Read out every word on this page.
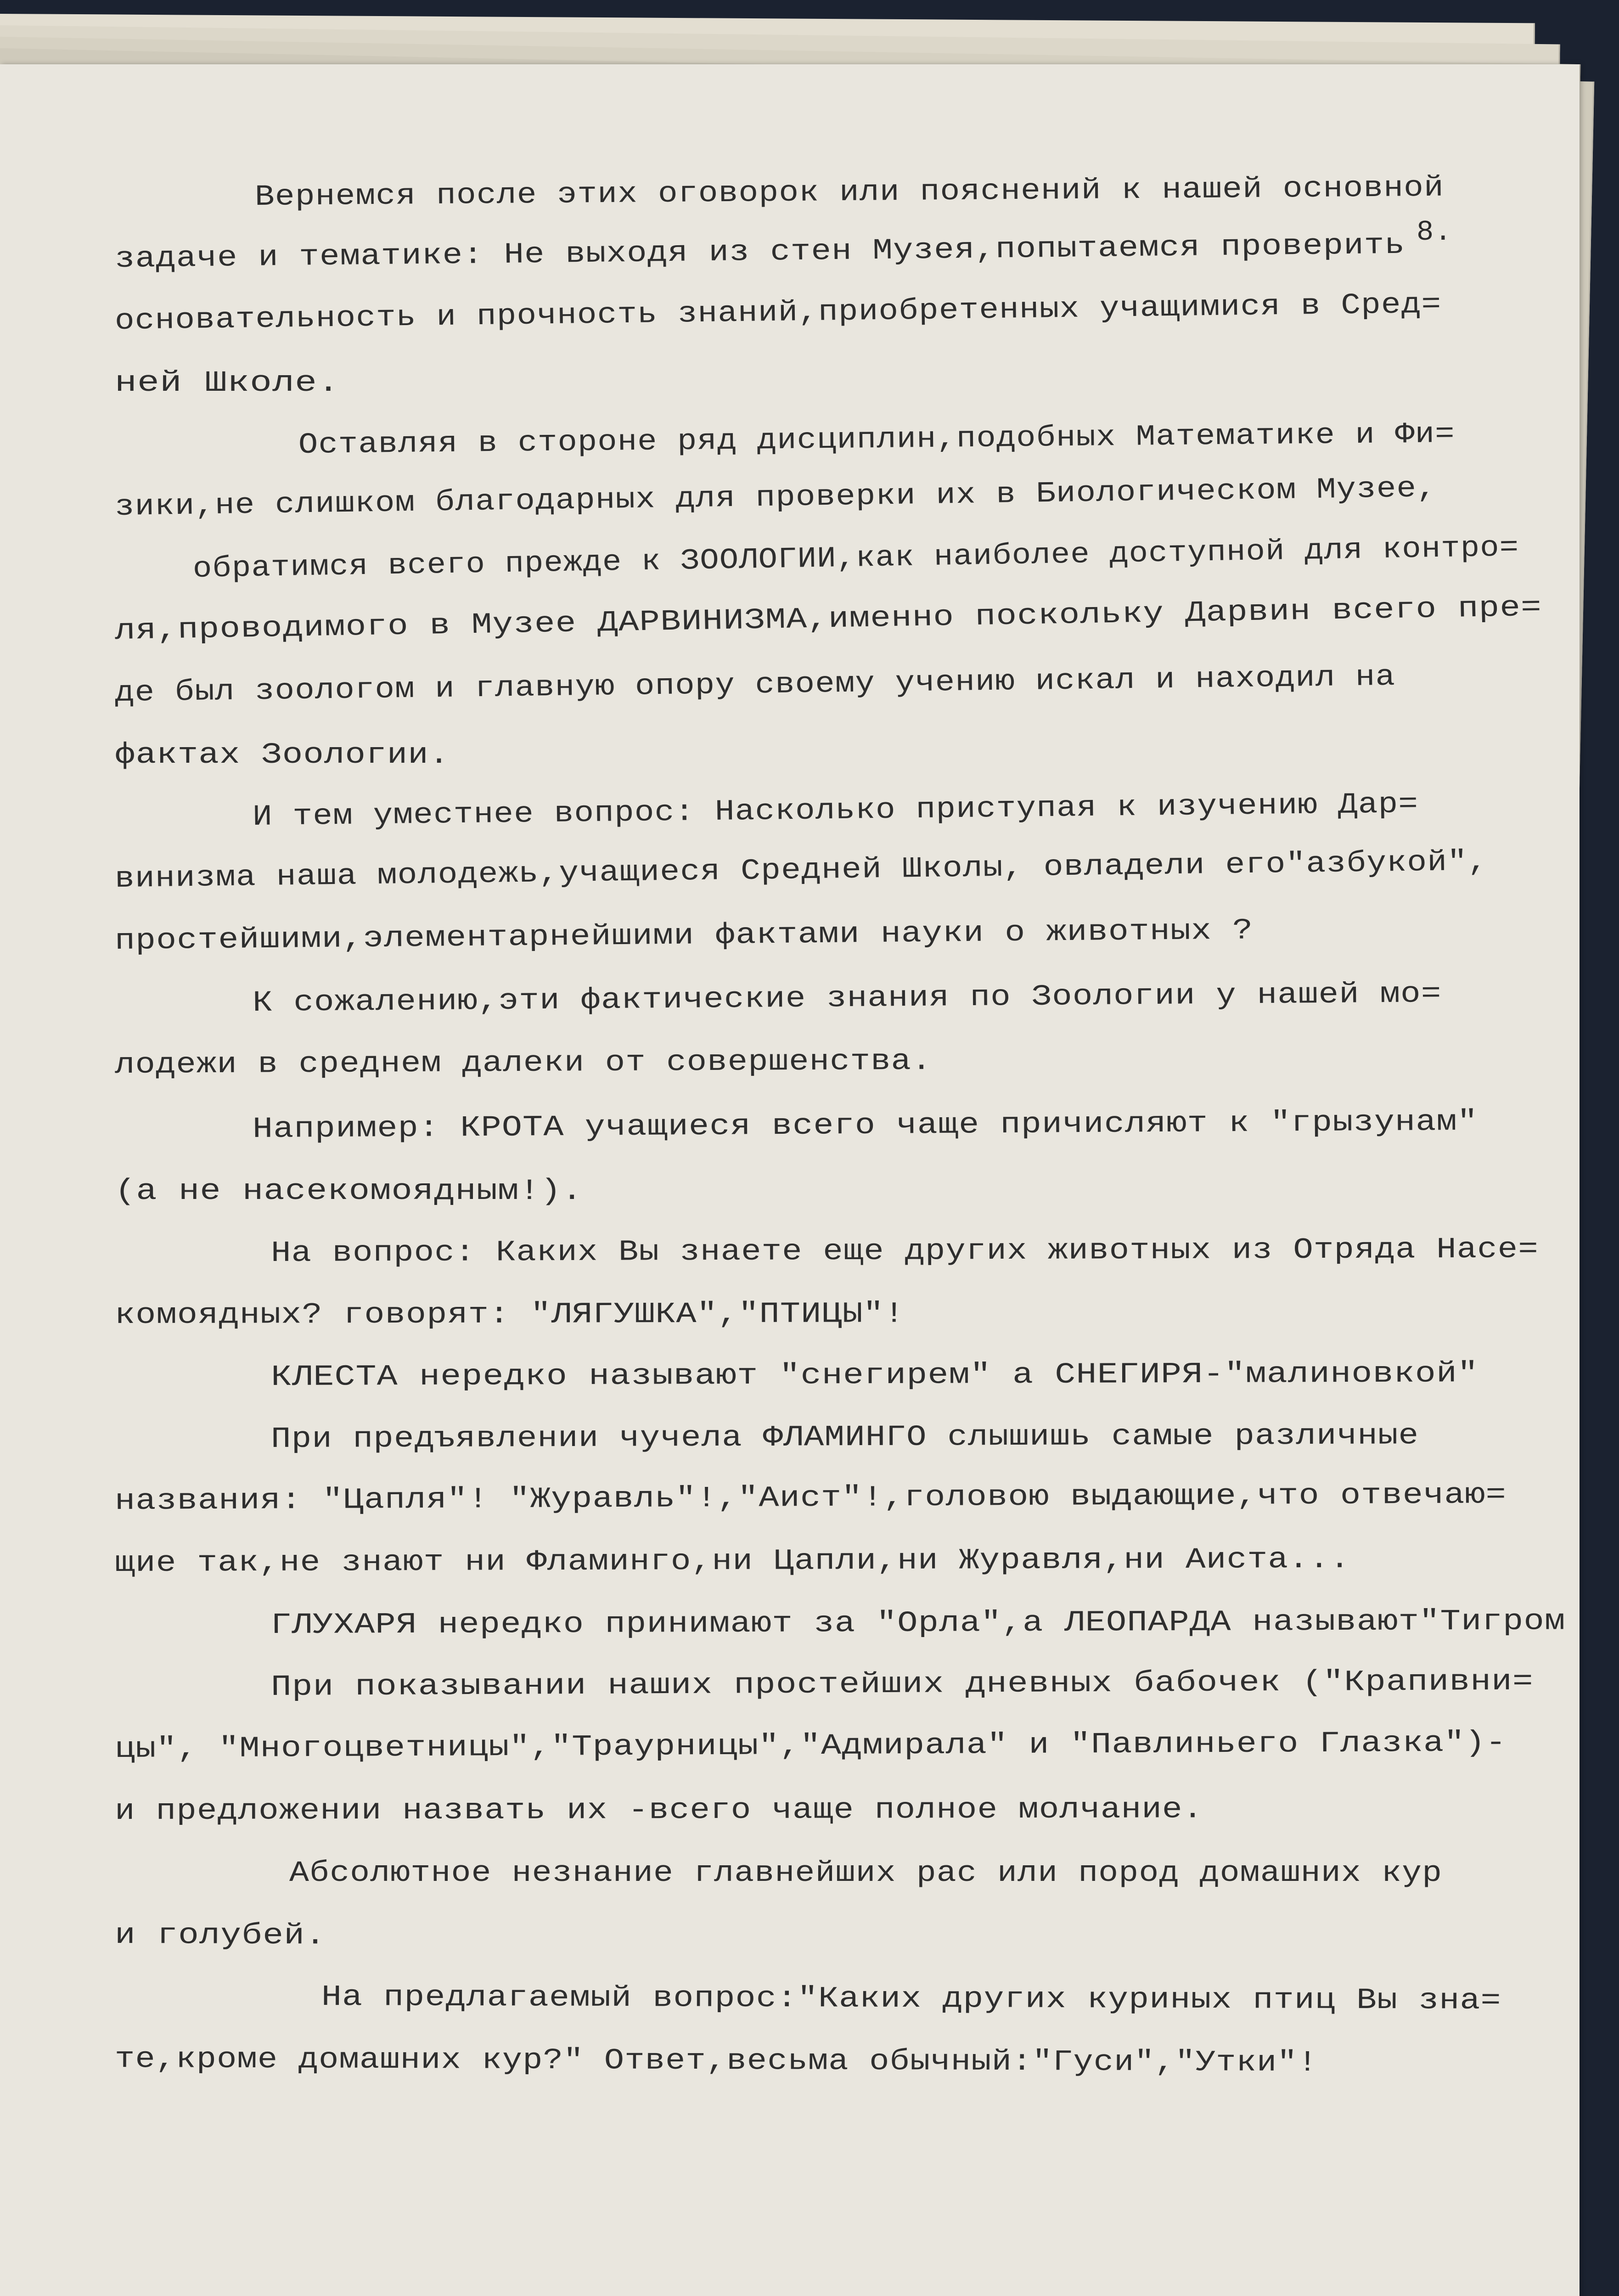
8.
Вернемся после этих оговорок или пояснений к нашей основной
задаче и тематике: Не выходя из стен Музея,попытаемся проверить
основательность и прочность знаний,приобретенных учащимися в Сред=
ней Школе.
Оставляя в стороне ряд дисциплин,подобных Математике и Фи=
зики,не слишком благодарных для проверки их в Биологическом Музее,
обратимся всего прежде к ЗООЛОГИИ,как наиболее доступной для контро=
ля,проводимого в Музее ДАРВИНИЗМА,именно поскольку Дарвин всего пре=
де был зоологом и главную опору своему учению искал и находил на
фактах Зоологии.
И тем уместнее вопрос: Насколько приступая к изучению Дар=
винизма наша молодежь,учащиеся Средней Школы, овладели его"азбукой",
простейшими,элементарнейшими фактами науки о животных ?
К сожалению,эти фактические знания по Зоологии у нашей мо=
лодежи в среднем далеки от совершенства.
Например: КРОТА учащиеся всего чаще причисляют к "грызунам"
(а не насекомоядным!).
На вопрос: Каких Вы знаете еще других животных из Отряда Насе=
комоядных? говорят: "ЛЯГУШКА","ПТИЦЫ"!
КЛЕСТА нередко называют "снегирем" а СНЕГИРЯ-"малиновкой"
При предъявлении чучела ФЛАМИНГО слышишь самые различные
названия: "Цапля"! "Журавль"!,"Аист"!,головою выдающие,что отвечаю=
щие так,не знают ни Фламинго,ни Цапли,ни Журавля,ни Аиста...
ГЛУХАРЯ нередко принимают за "Орла",а ЛЕОПАРДА называют"Тигром
При показывании наших простейших дневных бабочек ("Крапивни=
цы", "Многоцветницы","Траурницы","Адмирала" и "Павлиньего Глазка")-
и предложении назвать их -всего чаще полное молчание.
Абсолютное незнание главнейших рас или пород домашних кур
и голубей.
На предлагаемый вопрос:"Каких других куриных птиц Вы зна=
те,кроме домашних кур?" Ответ,весьма обычный:"Гуси","Утки"!
